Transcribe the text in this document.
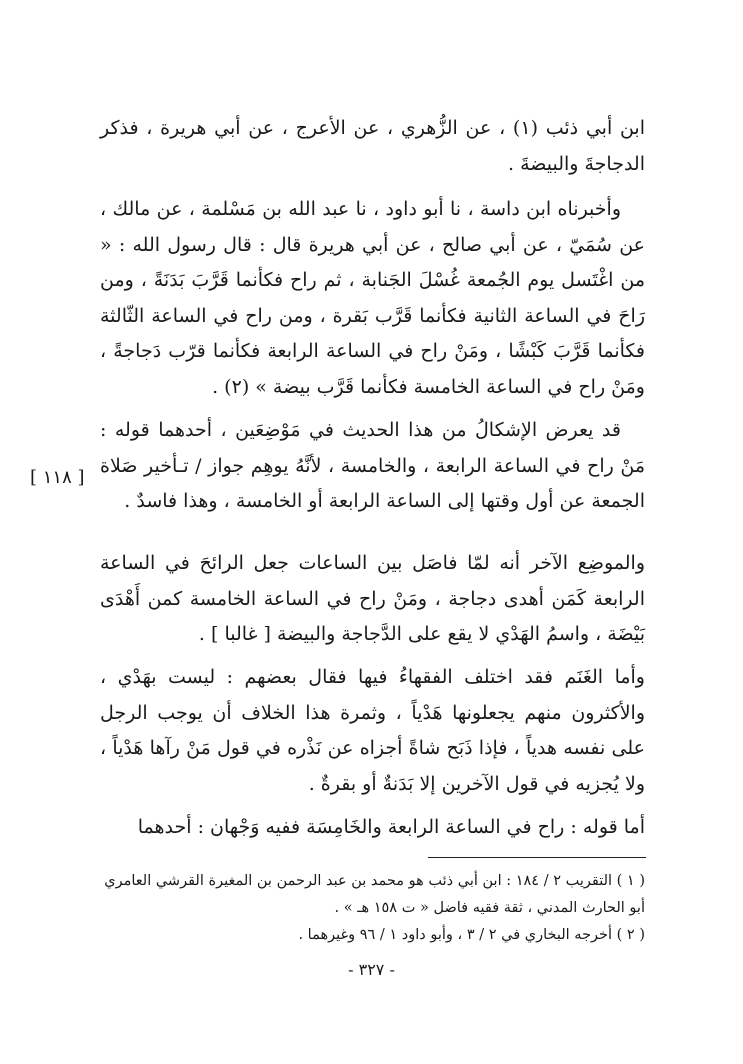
ابن أبي ذئب (١) ، عن الزُّهري ، عن الأعرج ، عن أبي هريرة ، فذكر الدجاجةَ والبيضةَ .

وأخبرناه ابن داسة ، نا أبو داود ، نا عبد الله بن مَسْلمة ، عن مالك ، عن سُمَيّ ، عن أبي صالح ، عن أبي هريرة قال : قال رسول الله : « من اغْتَسل يوم الجُمعة غُسْلَ الجَنابة ، ثم راح فكأنما قَرَّبَ بَدَنَةً ، ومن رَاحَ في الساعة الثانية فكأنما قَرَّب بَقرة ، ومن راح في الساعة الثّالثة فكأنما قَرَّبَ كَبْشًا ، ومَنْ راح في الساعة الرابعة فكأنما قرّب دَجاجةً ، ومَنْ راح في الساعة الخامسة فكأنما قَرَّب بيضة » (٢) .

قد يعرض الإشكالُ من هذا الحديث في مَوْضِعَين ، أحدهما قوله : مَنْ راح في الساعة الرابعة ، والخامسة ، لأنَّهُ يوهِم جواز / تـأخير صَلاة الجمعة عن أول وقتها إلى الساعة الرابعة أو الخامسة ، وهذا فاسدٌ .

والموضِع الآخر أنه لمّا فاصَل بين الساعات جعل الرائحَ في الساعة الرابعة كَمَن أهدى دجاجة ، ومَنْ راح في الساعة الخامسة كمن أَهْدَى بَيْضَة ، واسمُ الهَدْي لا يقع على الدَّجاجة والبيضة [ غالبا ] .

وأما الغَنَم فقد اختلف الفقهاءُ فيها فقال بعضهم : ليست بهَدْي ، والأكثرون منهم يجعلونها هَدْياً ، وثمرة هذا الخلاف أن يوجب الرجل على نفسه هدياً ، فإذا ذَبَح شاةً أجزاه عن نَذْره في قول مَنْ رآها هَدْياً ، ولا يُجزيه في قول الآخرين إلا بَدَنةٌ أو بقرةٌ .

أما قوله : راح في الساعة الرابعة والخَامِسَة ففيه وَجْهان : أحدهما

[ ١١٨ ]

( ١ ) التقريب ٢ / ١٨٤ : ابن أبي ذئب هو محمد بن عبد الرحمن بن المغيرة القرشي العامري أبو الحارث المدني ، ثقة فقيه فاضل « ت ١٥٨ هـ » .

( ٢ ) أخرجه البخاري في ٢ / ٣ ، وأبو داود ١ / ٩٦ وغيرهما .

- ٣٢٧ -
